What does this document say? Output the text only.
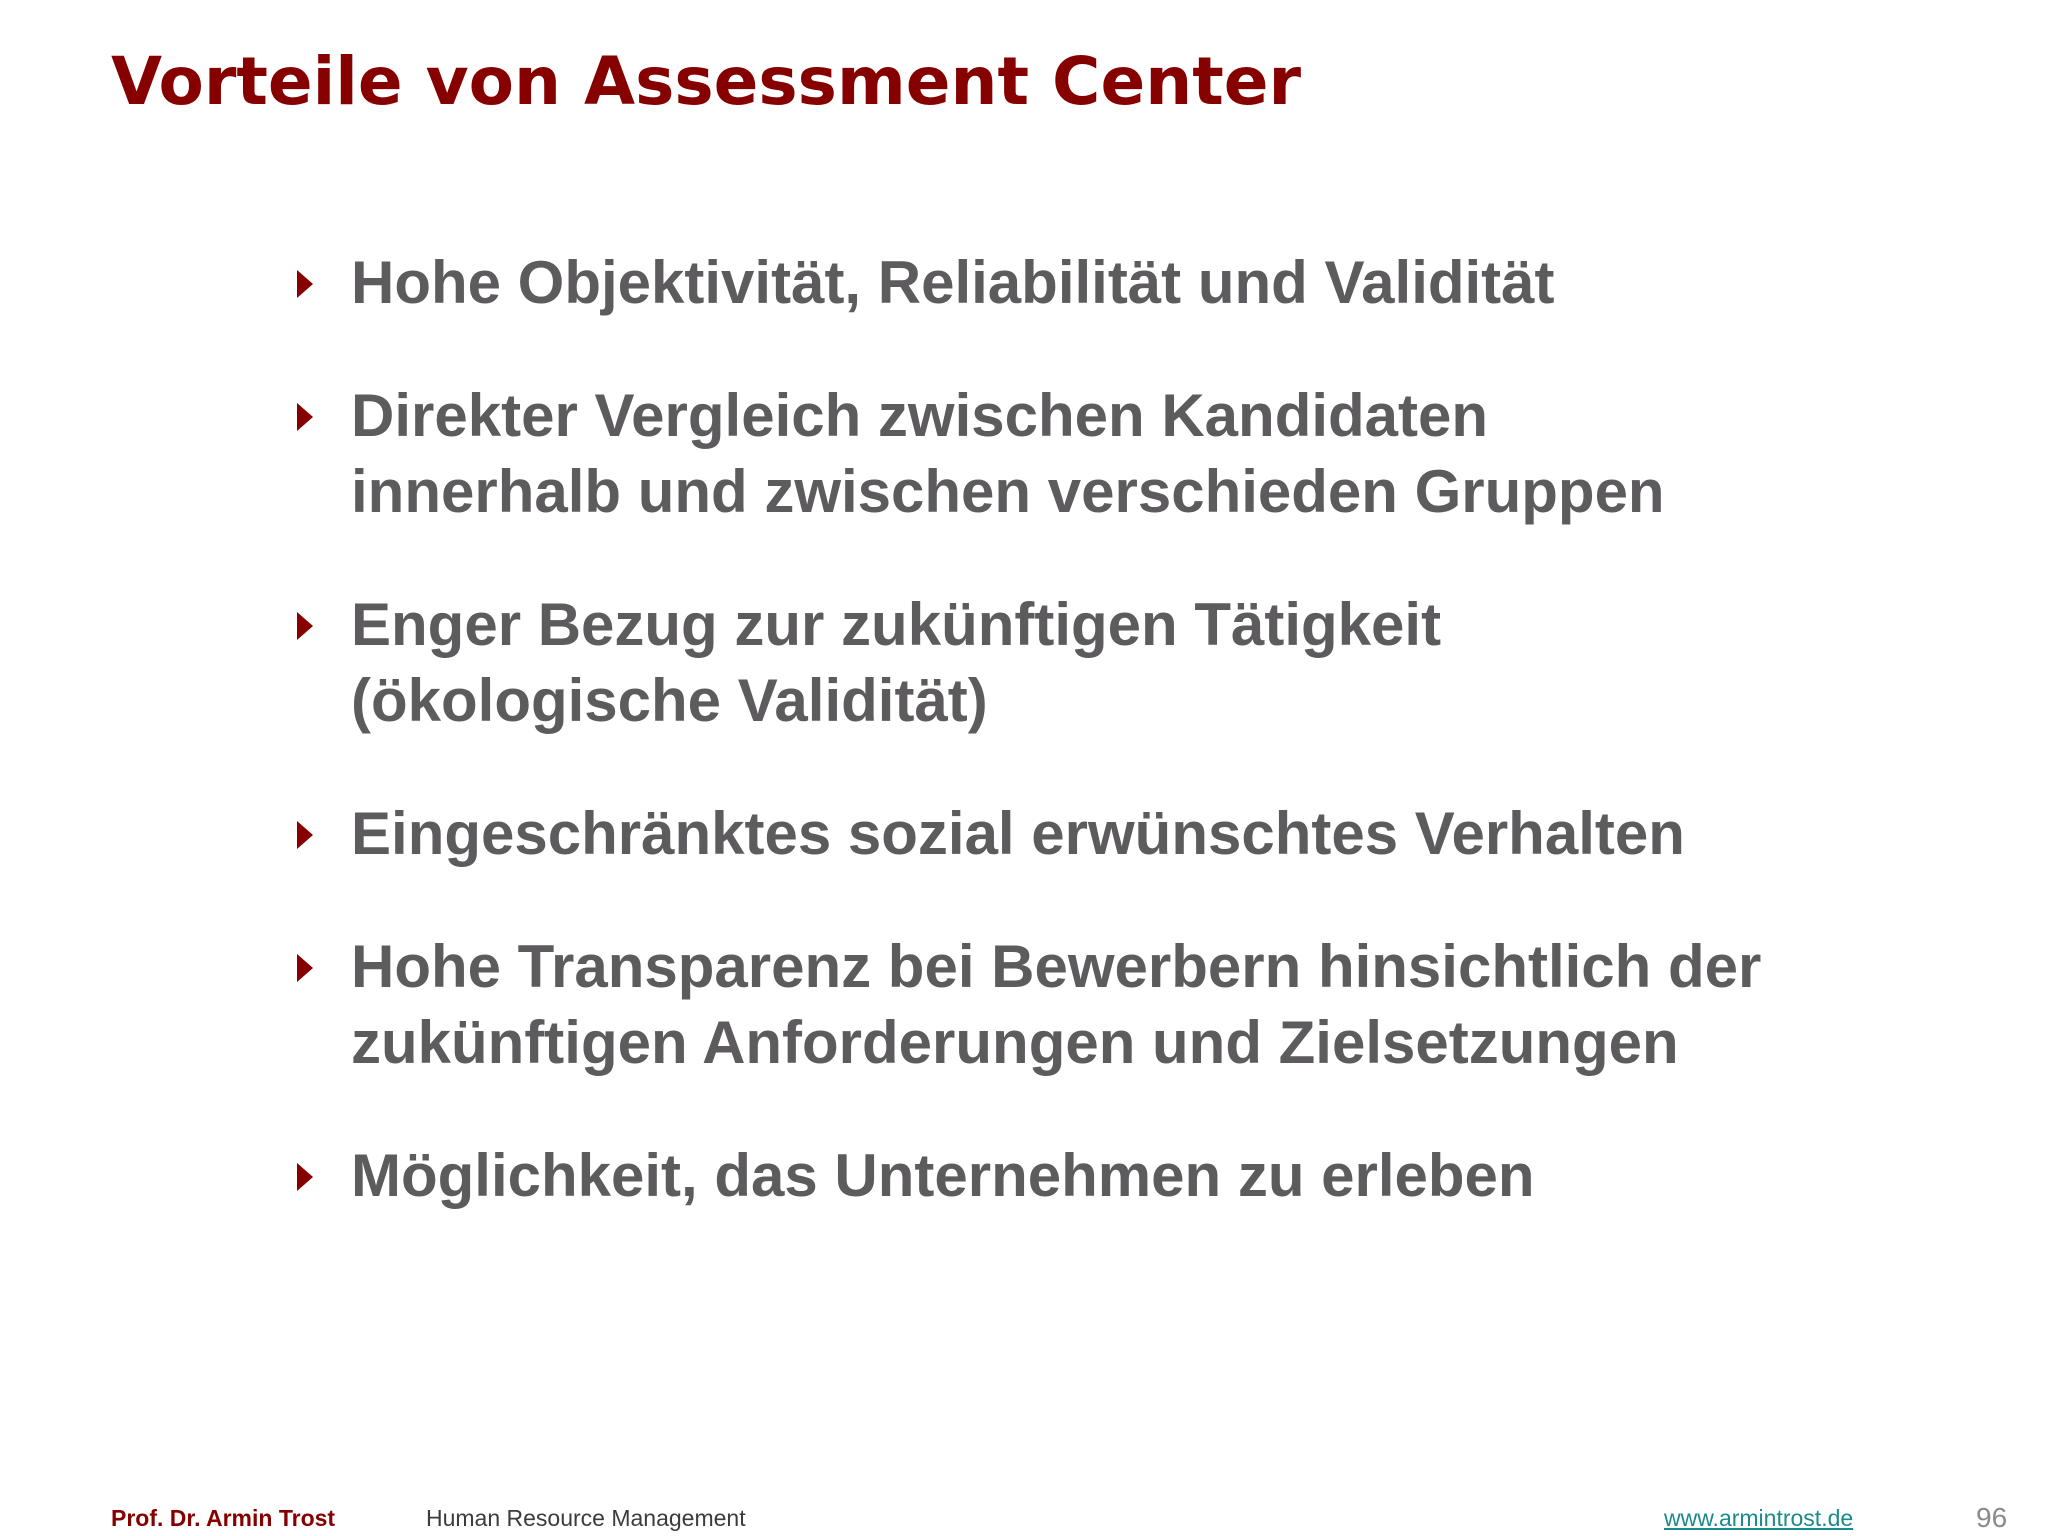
Vorteile von Assessment Center
Hohe Objektivität, Reliabilität und Validität
Direkter Vergleich zwischen Kandidaten
innerhalb und zwischen verschieden Gruppen
Enger Bezug zur zukünftigen Tätigkeit
(ökologische Validität)
Eingeschränktes sozial erwünschtes Verhalten
Hohe Transparenz bei Bewerbern hinsichtlich der
zukünftigen Anforderungen und Zielsetzungen
Möglichkeit, das Unternehmen zu erleben
Prof. Dr. Armin Trost	Human Resource Management	www.armintrost.de	96
